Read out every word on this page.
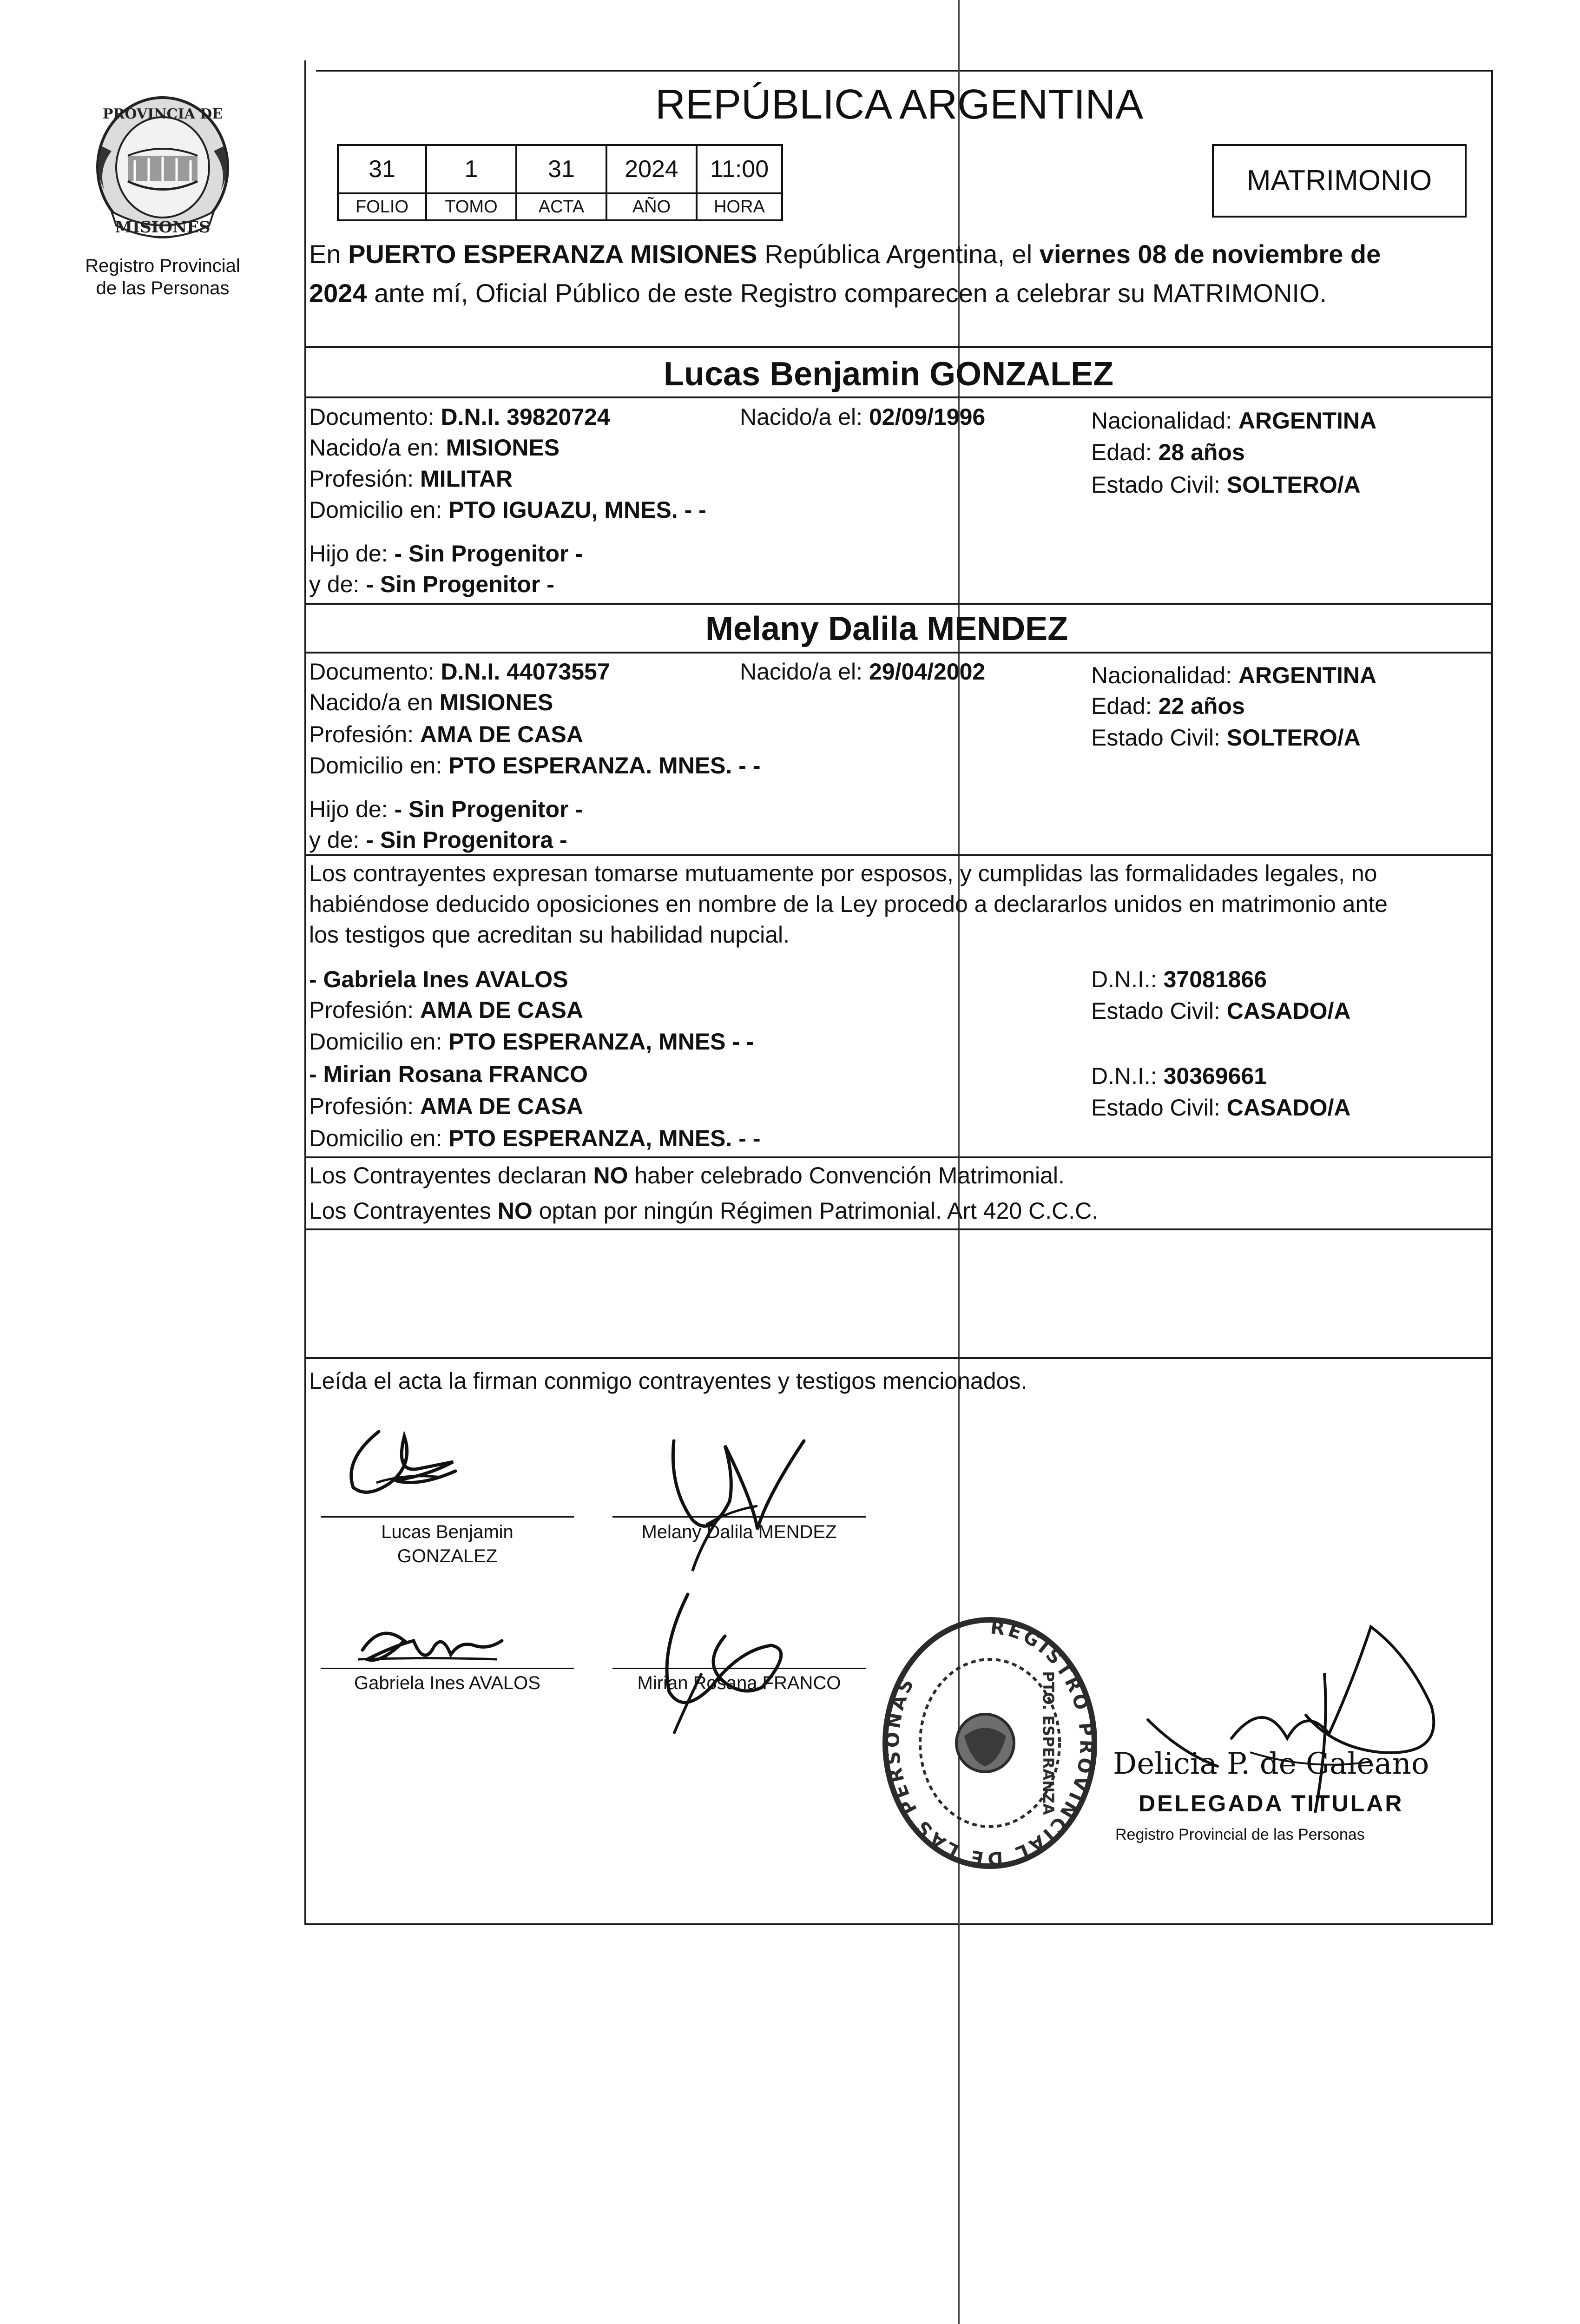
PROVINCIA DE
MISIONES
Registro Provincial
de las Personas
REPÚBLICA ARGENTINA
31	1	31	2024	11:00
FOLIO	TOMO	ACTA	AÑO	HORA
MATRIMONIO
En PUERTO ESPERANZA MISIONES República Argentina, el viernes 08 de noviembre de
2024 ante mí, Oficial Público de este Registro comparecen a celebrar su MATRIMONIO.
Lucas Benjamin GONZALEZ
Documento: D.N.I. 39820724	Nacido/a el: 02/09/1996	Nacionalidad: ARGENTINA
Nacido/a en: MISIONES	Edad: 28 años
Profesión: MILITAR	Estado Civil: SOLTERO/A
Domicilio en: PTO IGUAZU, MNES. - -
Hijo de: - Sin Progenitor -
y de: - Sin Progenitor -
Melany Dalila MENDEZ
Documento: D.N.I. 44073557	Nacido/a el: 29/04/2002	Nacionalidad: ARGENTINA
Nacido/a en MISIONES	Edad: 22 años
Profesión: AMA DE CASA	Estado Civil: SOLTERO/A
Domicilio en: PTO ESPERANZA. MNES. - -
Hijo de: - Sin Progenitor -
y de: - Sin Progenitora -
Los contrayentes expresan tomarse mutuamente por esposos, y cumplidas las formalidades legales, no
habiéndose deducido oposiciones en nombre de la Ley procedo a declararlos unidos en matrimonio ante
los testigos que acreditan su habilidad nupcial.
- Gabriela Ines AVALOS	D.N.I.: 37081866
Profesión: AMA DE CASA	Estado Civil: CASADO/A
Domicilio en: PTO ESPERANZA, MNES - -
- Mirian Rosana FRANCO	D.N.I.: 30369661
Profesión: AMA DE CASA	Estado Civil: CASADO/A
Domicilio en: PTO ESPERANZA, MNES. - -
Los Contrayentes declaran NO haber celebrado Convención Matrimonial.
Los Contrayentes NO optan por ningún Régimen Patrimonial. Art 420 C.C.C.
Leída el acta la firman conmigo contrayentes y testigos mencionados.
Lucas Benjamin
GONZALEZ
Melany Dalila MENDEZ
Gabriela Ines AVALOS	Mirian Rosana FRANCO
REGISTRO PROVINCIAL DE LAS PERSONAS	PTO. ESPERANZA Delicia P. de Galeano
DELEGADA TITULAR
Registro Provincial de las Personas
